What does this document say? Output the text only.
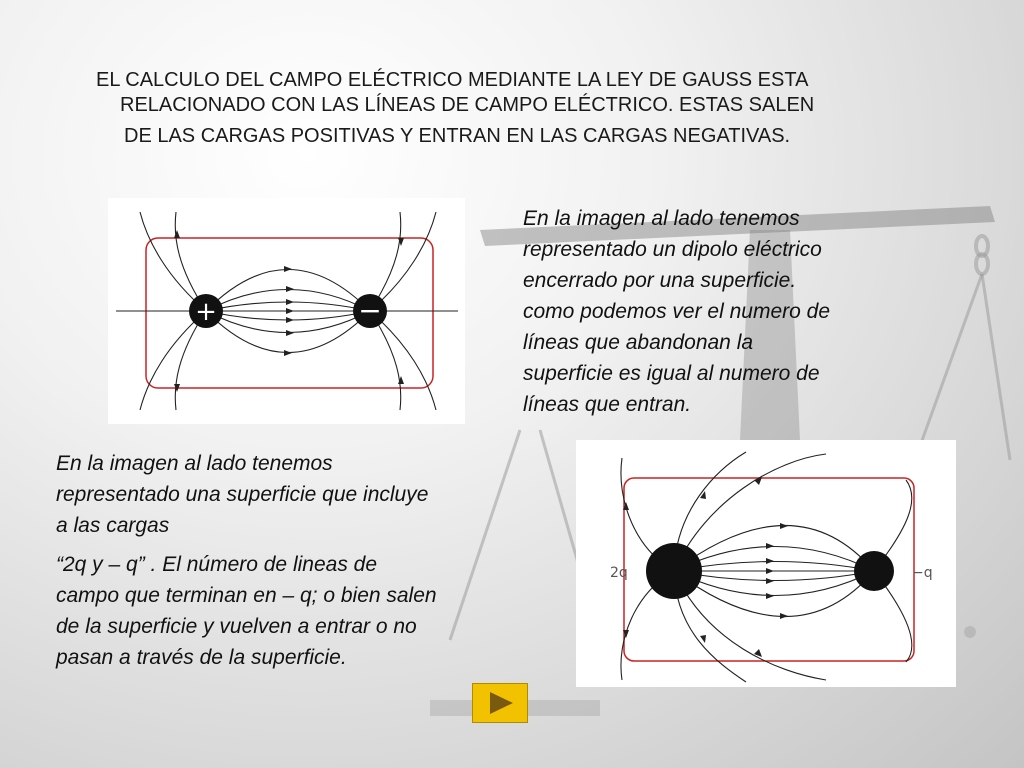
EL CALCULO DEL CAMPO ELÉCTRICO MEDIANTE LA LEY DE GAUSS ESTA
RELACIONADO CON LAS LÍNEAS DE CAMPO ELÉCTRICO. ESTAS SALEN
DE LAS CARGAS POSITIVAS Y ENTRAN EN LAS CARGAS NEGATIVAS.
+	−
En la imagen al lado tenemos
representado un dipolo eléctrico
encerrado por una superficie.
como podemos ver el numero de
líneas que abandonan la
superficie es igual al numero de
líneas que entran.

En la imagen al lado tenemos
representado una superficie que incluye
a las cargas

“2q y – q” . El número de lineas de
campo que terminan en – q; o bien salen
de la superficie y vuelven a entrar o no
pasan a través de la superficie.

2q	−q
